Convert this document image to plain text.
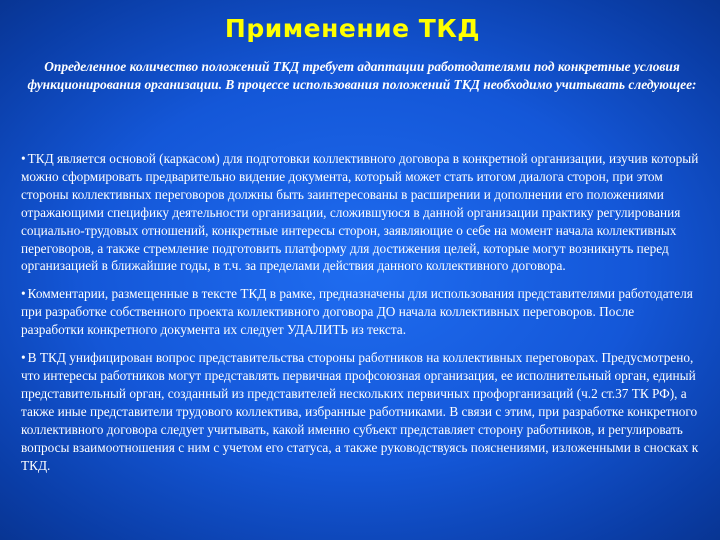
Применение ТКД
Определенное количество положений ТКД требует адаптации работодателями под конкретные условия функционирования организации. В процессе использования положений ТКД необходимо учитывать следующее:

• ТКД является основой (каркасом) для подготовки коллективного договора в конкретной организации, изучив который можно сформировать предварительно видение документа, который может стать итогом диалога сторон, при этом стороны коллективных переговоров должны быть заинтересованы в расширении и дополнении его положениями отражающими специфику деятельности организации, сложившуюся в данной организации практику регулирования социально-трудовых отношений, конкретные интересы сторон, заявляющие о себе на момент начала коллективных переговоров, а также стремление подготовить платформу для достижения целей, которые могут возникнуть перед организацией в ближайшие годы, в т.ч. за пределами действия данного коллективного договора.

• Комментарии, размещенные в тексте ТКД в рамке, предназначены для использования представителями работодателя при разработке собственного проекта коллективного договора ДО начала коллективных переговоров. После разработки конкретного документа их следует УДАЛИТЬ из текста.

• В ТКД унифицирован вопрос представительства стороны работников на коллективных переговорах. Предусмотрено, что интересы работников могут представлять первичная профсоюзная организация, ее исполнительный орган, единый представительный орган, созданный из представителей нескольких первичных профорганизаций (ч.2 ст.37 ТК РФ), а также иные представители трудового коллектива, избранные работниками. В связи с этим, при разработке конкретного коллективного договора следует учитывать, какой именно субъект представляет сторону работников, и регулировать вопросы взаимоотношения с ним с учетом его статуса, а также руководствуясь пояснениями, изложенными в сносках к ТКД.
